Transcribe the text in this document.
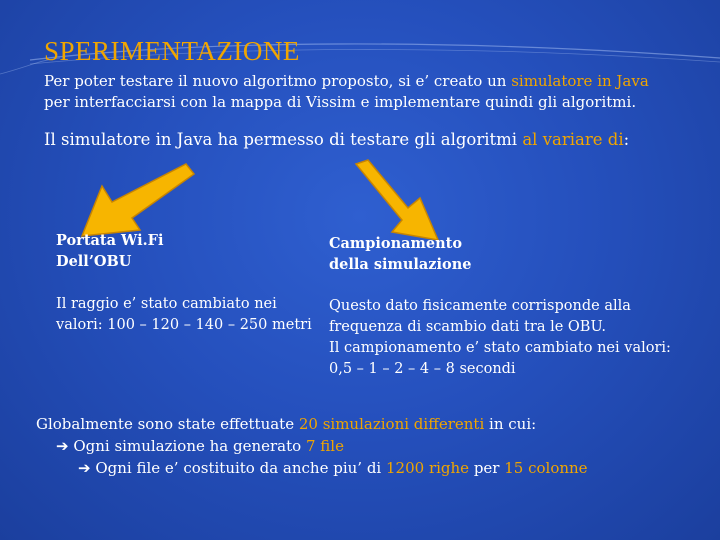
SPERIMENTAZIONE
Per poter testare il nuovo algoritmo proposto, si e’ creato un simulatore in Java
per interfacciarsi con la mappa di Vissim e implementare quindi gli algoritmi.
Il simulatore in Java ha permesso di testare gli algoritmi al variare di:
Portata Wi.Fi
Dell’OBU
Campionamento
della simulazione
Il raggio e’ stato cambiato nei
valori: 100 – 120 – 140 – 250 metri
Questo dato fisicamente corrisponde alla
frequenza di scambio dati tra le OBU.
Il campionamento e’ stato cambiato nei valori:
0,5 – 1 – 2 – 4 – 8 secondi
Globalmente sono state effettuate 20 simulazioni differenti in cui:
➔ Ogni simulazione ha generato 7 file
➔ Ogni file e’ costituito da anche piu’ di 1200 righe per 15 colonne
